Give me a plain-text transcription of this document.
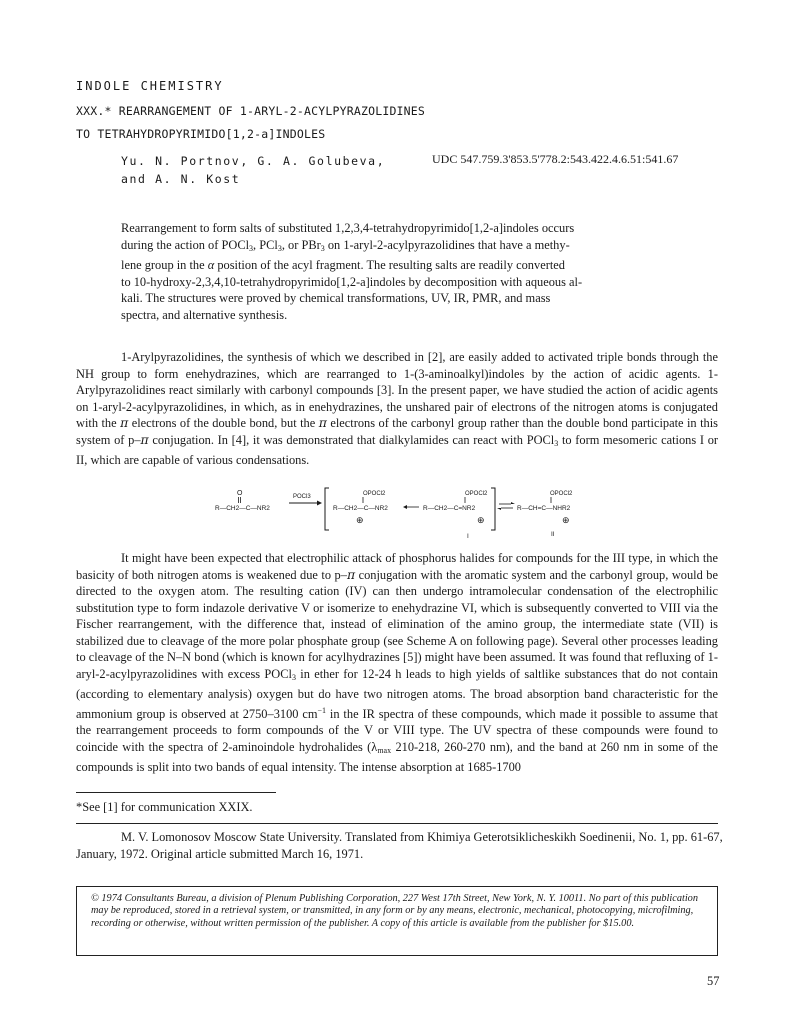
INDOLE CHEMISTRY
XXX.* REARRANGEMENT OF 1-ARYL-2-ACYLPYRAZOLIDINES
TO TETRAHYDROPYRIMIDO[1,2-a]INDOLES
Yu. N. Portnov, G. A. Golubeva,
and A. N. Kost
UDC 547.759.3'853.5'778.2:543.422.4.6.51:541.67
Rearrangement to form salts of substituted 1,2,3,4-tetrahydropyrimido[1,2-a]indoles occurs
during the action of POCl$_3$, PCl$_3$, or PBr$_3$ on 1-aryl-2-acylpyrazolidines that have a methy-
lene group in the α position of the acyl fragment. The resulting salts are readily converted
to 10-hydroxy-2,3,4,10-tetrahydropyrimido[1,2-a]indoles by decomposition with aqueous al-
kali. The structures were proved by chemical transformations, UV, IR, PMR, and mass
spectra, and alternative synthesis.
1-Arylpyrazolidines, the synthesis of which we described in [2], are easily added to activated triple bonds through the NH group to form enehydrazines, which are rearranged to 1-(3-aminoalkyl)indoles by the action of acidic agents. 1-Arylpyrazolidines react similarly with carbonyl compounds [3]. In the present paper, we have studied the action of acidic agents on 1-aryl-2-acylpyrazolidines, in which, as in enehydrazines, the unshared pair of electrons of the nitrogen atoms is conjugated with the π electrons of the double bond, but the π electrons of the carbonyl group rather than the double bond participate in this system of p–π conjugation. In [4], it was demonstrated that dialkylamides can react with POCl$_3$ to form mesomeric cations I or II, which are capable of various condensations.
O
R—CH2—C—NR2
POCl3	OPOCl2
R—CH2—C—NR2
⊕
OPOCl2
R—CH2—C=NR2
⊕
I
OPOCl2
R—CH=C—NHR2
⊕
II
It might have been expected that electrophilic attack of phosphorus halides for compounds for the III type, in which the basicity of both nitrogen atoms is weakened due to p–π conjugation with the aromatic system and the carbonyl group, would be directed to the oxygen atom. The resulting cation (IV) can then undergo intramolecular condensation of the electrophilic substitution type to form indazole derivative V or isomerize to enehydrazine VI, which is subsequently converted to VIII via the Fischer rearrangement, with the difference that, instead of elimination of the amino group, the intermediate state (VII) is stabilized due to cleavage of the more polar phosphate group (see Scheme A on following page). Several other processes leading to cleavage of the N–N bond (which is known for acylhydrazines [5]) might have been assumed. It was found that refluxing of 1-aryl-2-acylpyrazolidines with excess POCl$_3$ in ether for 12-24 h leads to high yields of saltlike substances that do not contain (according to elementary analysis) oxygen but do have two nitrogen atoms. The broad absorption band characteristic for the ammonium group is observed at 2750–3100 $cm^{-1}$ in the IR spectra of these compounds, which made it possible to assume that the rearrangement proceeds to form compounds of the V or VIII type. The UV spectra of these compounds were found to coincide with the spectra of 2-aminoindole hydrohalides ($\lambda_{max}$ 210-218, 260-270 nm), and the band at 260 nm in some of the compounds is split into two bands of equal intensity. The intense absorption at 1685-1700
*See [1] for communication XXIX.
M. V. Lomonosov Moscow State University. Translated from Khimiya Geterotsiklicheskikh Soedinenii, No. 1, pp. 61-67, January, 1972. Original article submitted March 16, 1971.
© 1974 Consultants Bureau, a division of Plenum Publishing Corporation, 227 West 17th Street, New York, N. Y. 10011. No part of this publication may be reproduced, stored in a retrieval system, or transmitted, in any form or by any means, electronic, mechanical, photocopying, microfilming, recording or otherwise, without written permission of the publisher. A copy of this article is available from the publisher for $15.00.
57
